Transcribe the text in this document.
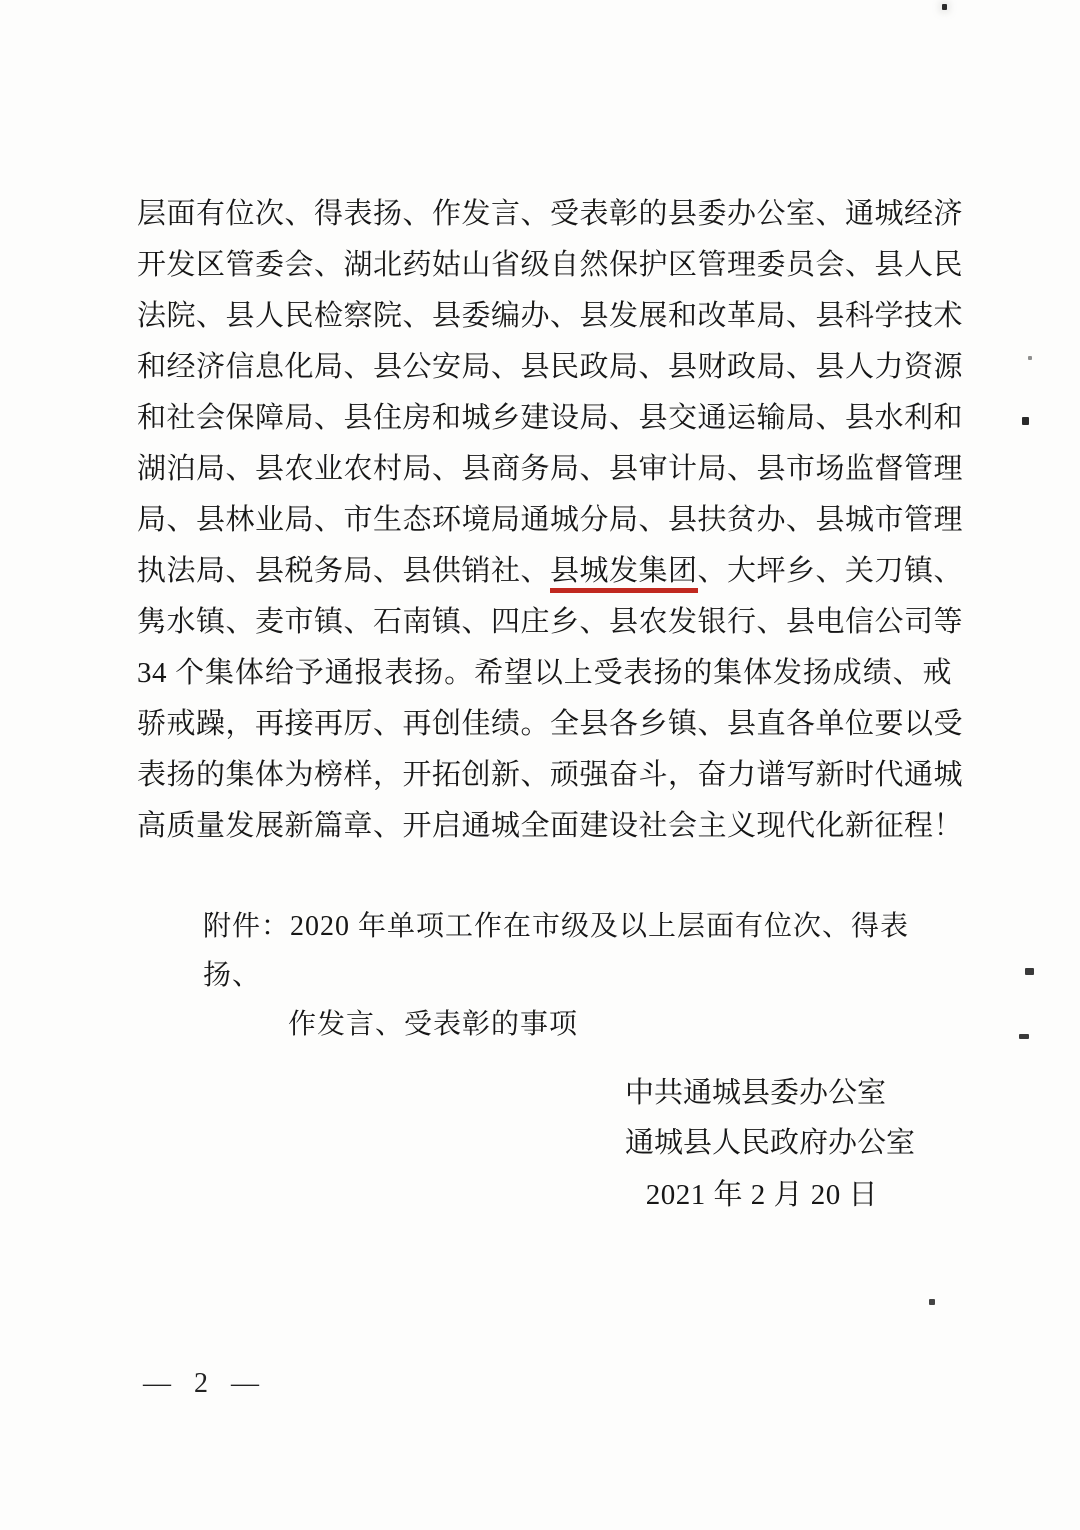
层面有位次、得表扬、作发言、受表彰的县委办公室、通城经济
开发区管委会、湖北药姑山省级自然保护区管理委员会、县人民
法院、县人民检察院、县委编办、县发展和改革局、县科学技术
和经济信息化局、县公安局、县民政局、县财政局、县人力资源
和社会保障局、县住房和城乡建设局、县交通运输局、县水利和
湖泊局、县农业农村局、县商务局、县审计局、县市场监督管理
局、县林业局、市生态环境局通城分局、县扶贫办、县城市管理
执法局、县税务局、县供销社、县城发集团、大坪乡、关刀镇、
隽水镇、麦市镇、石南镇、四庄乡、县农发银行、县电信公司等
34 个集体给予通报表扬。希望以上受表扬的集体发扬成绩、戒
骄戒躁，再接再厉、再创佳绩。全县各乡镇、县直各单位要以受
表扬的集体为榜样，开拓创新、顽强奋斗，奋力谱写新时代通城
高质量发展新篇章、开启通城全面建设社会主义现代化新征程！
附件：2020 年单项工作在市级及以上层面有位次、得表扬、
作发言、受表彰的事项
中共通城县委办公室
通城县人民政府办公室
2021 年 2 月 20 日
— 2 —
